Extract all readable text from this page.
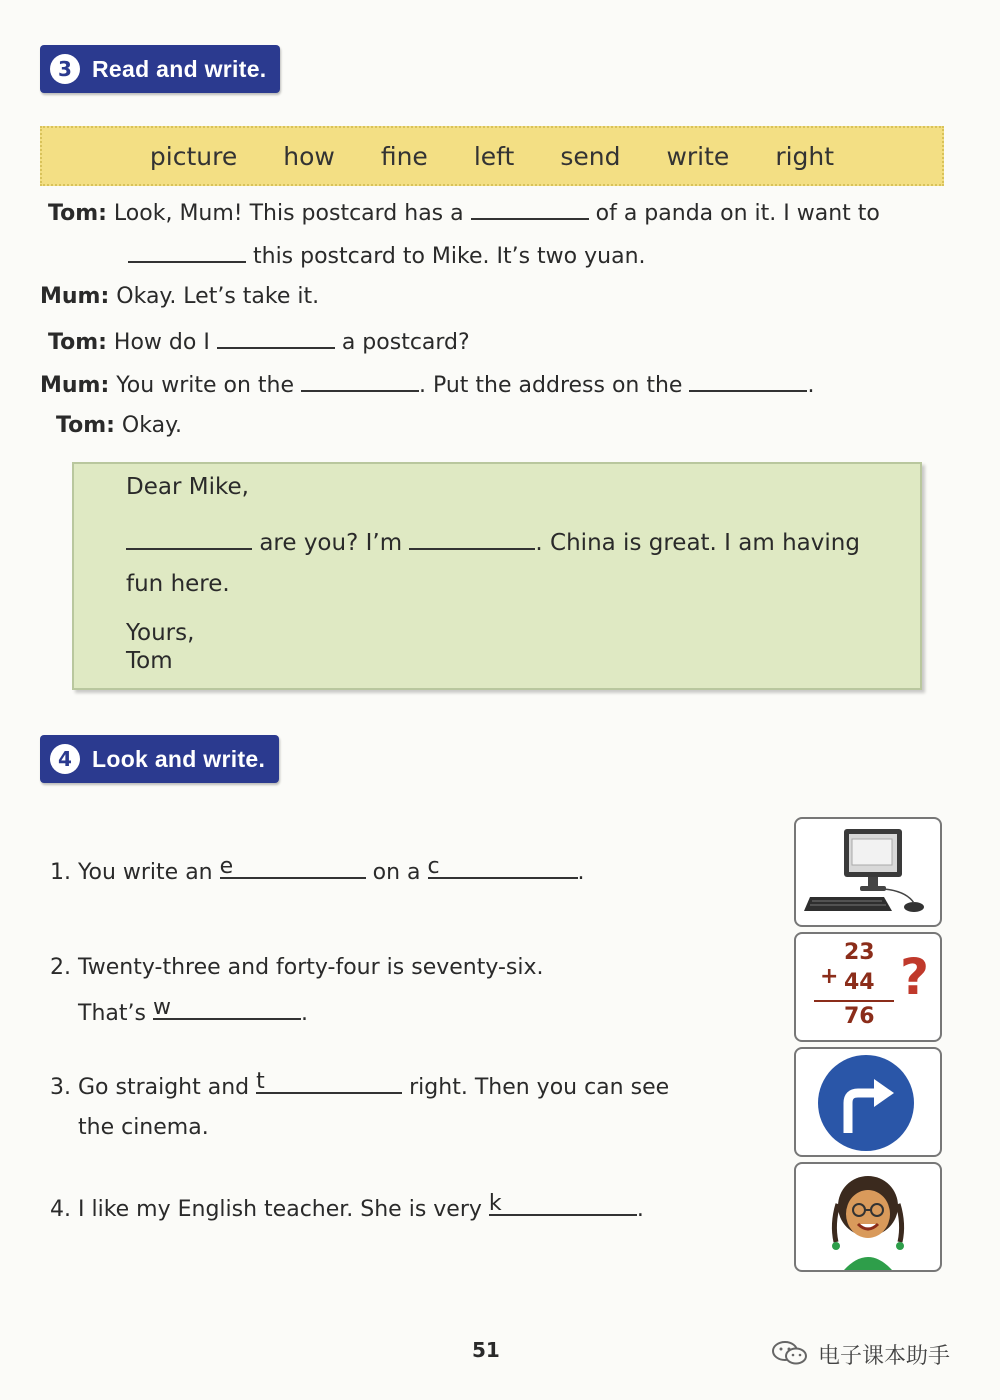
3 Read and write.
picture how fine left send write right
Tom: Look, Mum! This postcard has a	of a panda on it. I want to
this postcard to Mike. It’s two yuan.
Mum: Okay. Let’s take it.
Tom: How do I	a postcard?
Mum: You write on the	. Put the address on the	.
Tom: Okay.
Dear Mike,
are you? I’m	. China is great. I am having
fun here.
Yours,
Tom
4 Look and write.
1. You write an e	on a c	.
2. Twenty-three and forty-four is seventy-six.
That’s w	.
3. Go straight and t	right. Then you can see
the cinema.
4. I like my English teacher. She is very k	.
23
+ 44
76
?
51	电子课本助手
